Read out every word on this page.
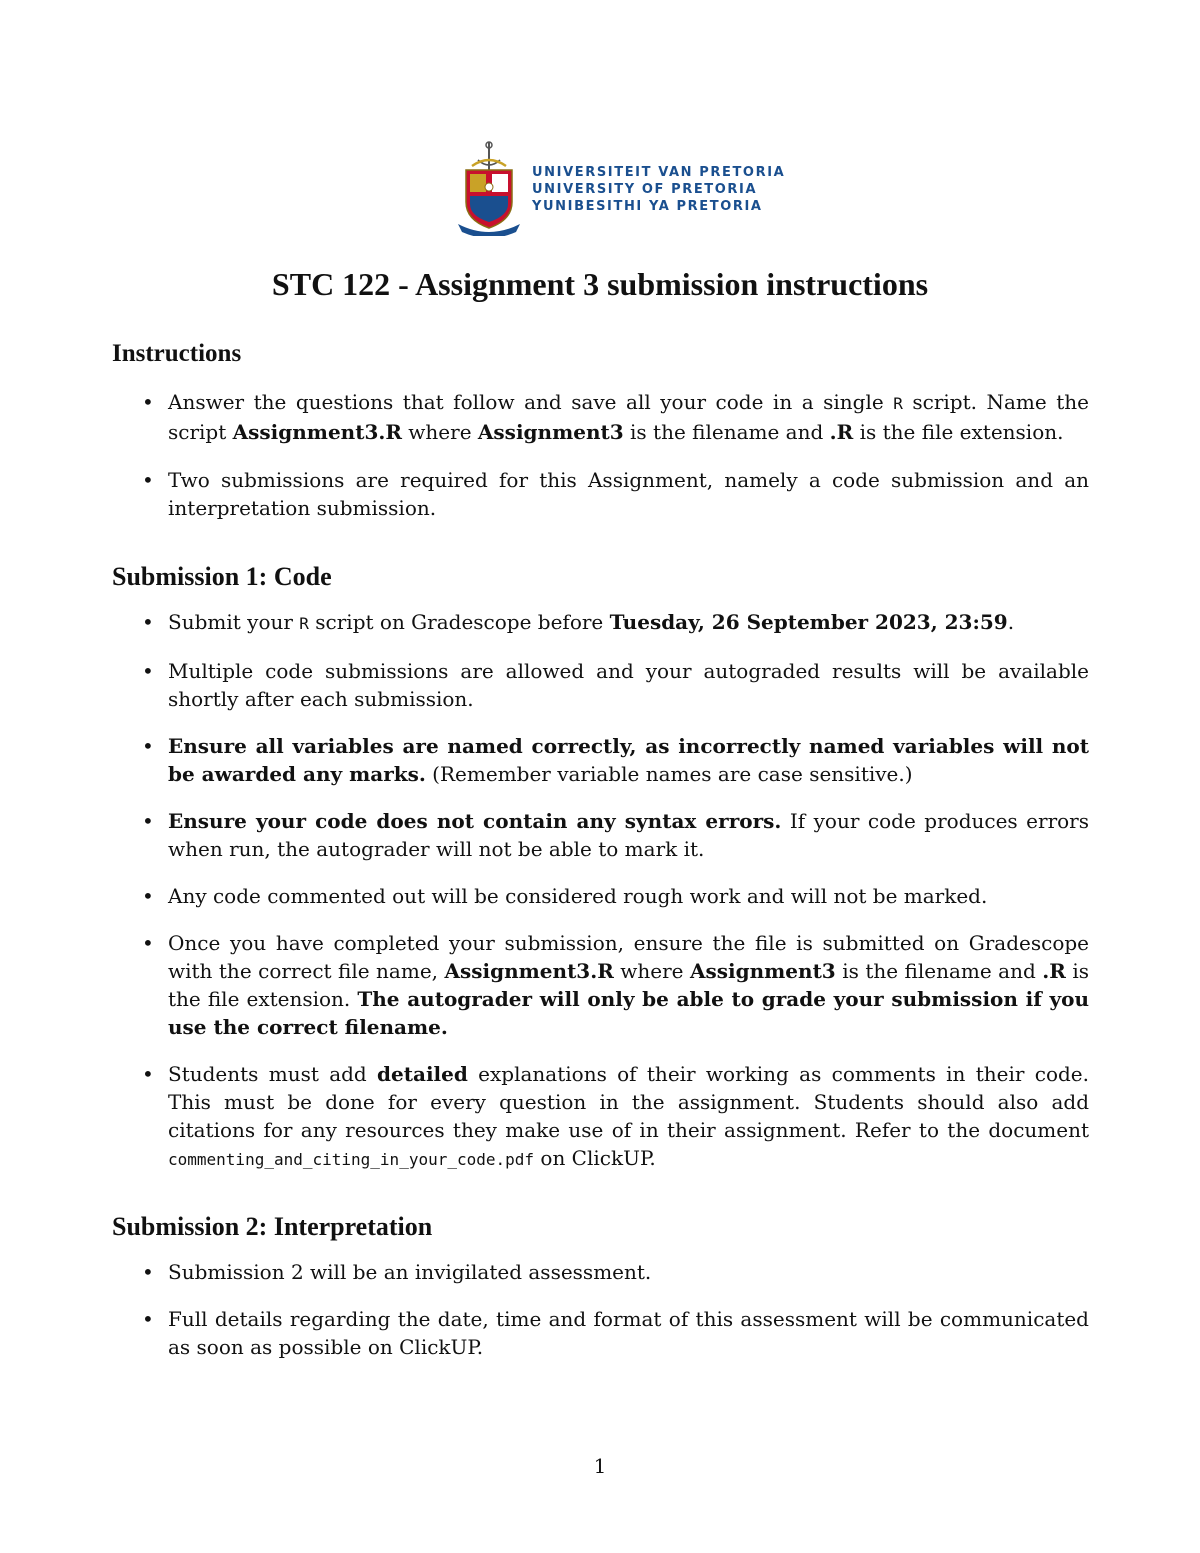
UNIVERSITEIT VAN PRETORIA
UNIVERSITY OF PRETORIA
YUNIBESITHI YA PRETORIA
STC 122 - Assignment 3 submission instructions
Instructions
• Answer the questions that follow and save all your code in a single R script. Name the script Assignment3.R where Assignment3 is the filename and .R is the file extension.
• Two submissions are required for this Assignment, namely a code submission and an interpretation submission.
Submission 1: Code
• Submit your R script on Gradescope before Tuesday, 26 September 2023, 23:59.
• Multiple code submissions are allowed and your autograded results will be available shortly after each submission.
• Ensure all variables are named correctly, as incorrectly named variables will not be awarded any marks. (Remember variable names are case sensitive.)
• Ensure your code does not contain any syntax errors. If your code produces errors when run, the autograder will not be able to mark it.
• Any code commented out will be considered rough work and will not be marked.
• Once you have completed your submission, ensure the file is submitted on Gradescope with the correct file name, Assignment3.R where Assignment3 is the filename and .R is the file extension. The autograder will only be able to grade your submission if you use the correct filename.
• Students must add detailed explanations of their working as comments in their code. This must be done for every question in the assignment. Students should also add citations for any resources they make use of in their assignment. Refer to the document commenting_and_citing_in_your_code.pdf on ClickUP.
Submission 2: Interpretation
• Submission 2 will be an invigilated assessment.
• Full details regarding the date, time and format of this assessment will be communicated as soon as possible on ClickUP.
1
